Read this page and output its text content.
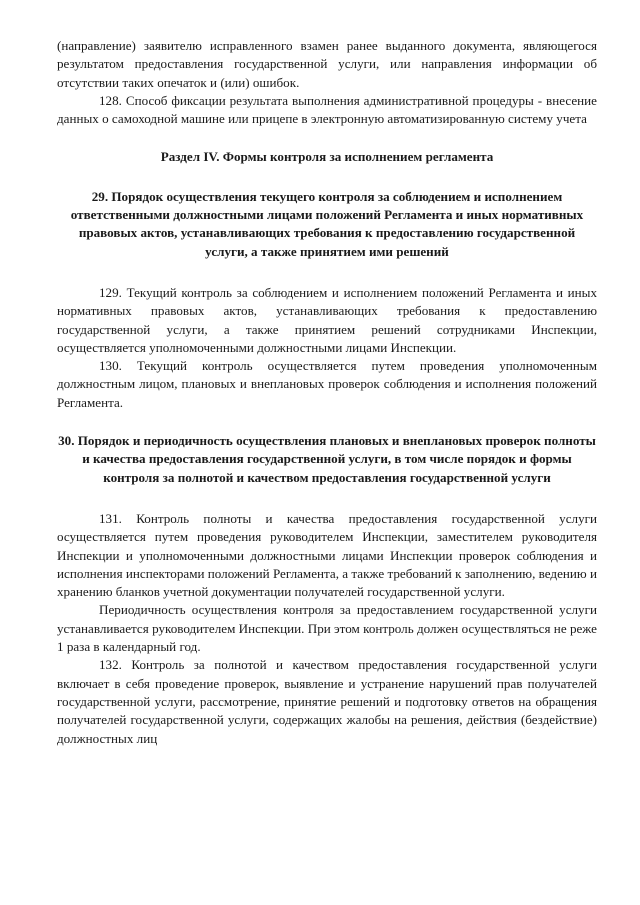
(направление) заявителю исправленного взамен ранее выданного документа, являющегося результатом предоставления государственной услуги, или направления информации об отсутствии таких опечаток и (или) ошибок.

128. Способ фиксации результата выполнения административной процедуры - внесение данных о самоходной машине или прицепе в электронную автоматизированную систему учета

Раздел IV. Формы контроля за исполнением регламента

29. Порядок осуществления текущего контроля за соблюдением и исполнением ответственными должностными лицами положений Регламента и иных нормативных правовых актов, устанавливающих требования к предоставлению государственной услуги, а также принятием ими решений

129. Текущий контроль за соблюдением и исполнением положений Регламента и иных нормативных правовых актов, устанавливающих требования к предоставлению государственной услуги, а также принятием решений сотрудниками Инспекции, осуществляется уполномоченными должностными лицами Инспекции.

130. Текущий контроль осуществляется путем проведения уполномоченным должностным лицом, плановых и внеплановых проверок соблюдения и исполнения положений Регламента.

30. Порядок и периодичность осуществления плановых и внеплановых проверок полноты и качества предоставления государственной услуги, в том числе порядок и формы контроля за полнотой и качеством предоставления государственной услуги

131. Контроль полноты и качества предоставления государственной услуги осуществляется путем проведения руководителем Инспекции, заместителем руководителя Инспекции и уполномоченными должностными лицами Инспекции проверок соблюдения и исполнения инспекторами положений Регламента, а также требований к заполнению, ведению и хранению бланков учетной документации получателей государственной услуги.

Периодичность осуществления контроля за предоставлением государственной услуги устанавливается руководителем Инспекции. При этом контроль должен осуществляться не реже 1 раза в календарный год.

132. Контроль за полнотой и качеством предоставления государственной услуги включает в себя проведение проверок, выявление и устранение нарушений прав получателей государственной услуги, рассмотрение, принятие решений и подготовку ответов на обращения получателей государственной услуги, содержащих жалобы на решения, действия (бездействие) должностных лиц
